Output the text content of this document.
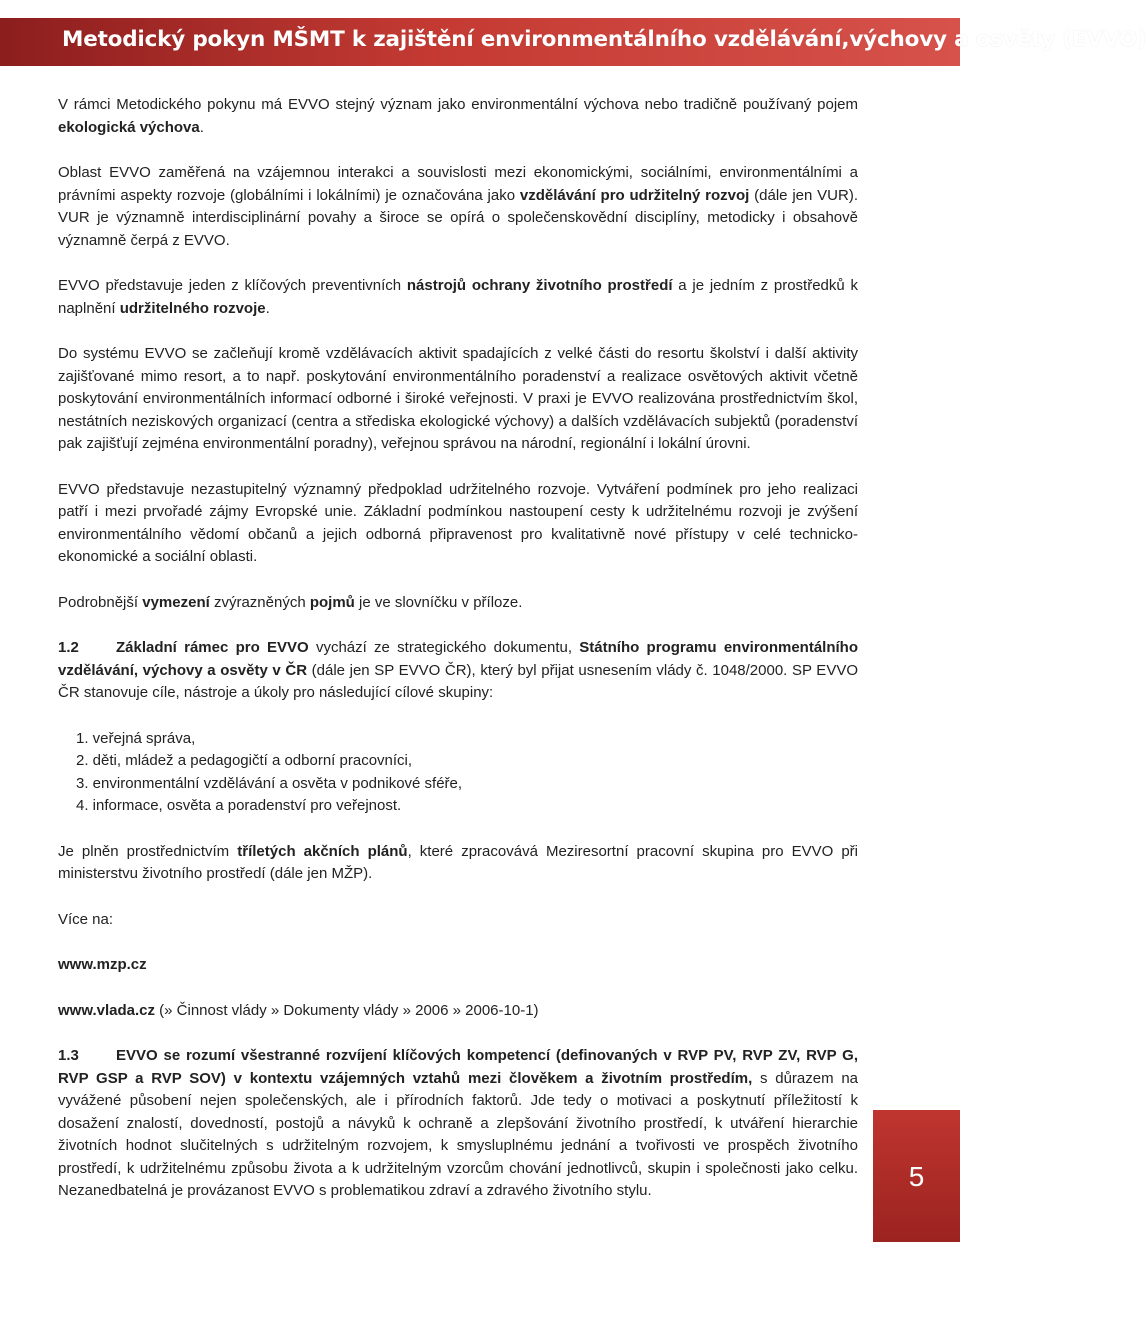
Metodický pokyn MŠMT k zajištění environmentálního vzdělávání,výchovy a osvěty (EVVO)

V rámci Metodického pokynu má EVVO stejný význam jako environmentální výchova nebo tradičně používaný pojem ekologická výchova.

Oblast EVVO zaměřená na vzájemnou interakci a souvislosti mezi ekonomickými, sociálními, environmentálními a právními aspekty rozvoje (globálními i lokálními) je označována jako vzdělávání pro udržitelný rozvoj (dále jen VUR). VUR je významně interdisciplinární povahy a široce se opírá o společenskovědní disciplíny, metodicky i obsahově významně čerpá z EVVO.

EVVO představuje jeden z klíčových preventivních nástrojů ochrany životního prostředí a je jedním z prostředků k naplnění udržitelného rozvoje.

Do systému EVVO se začleňují kromě vzdělávacích aktivit spadajících z velké části do resortu školství i další aktivity zajišťované mimo resort, a to např. poskytování environmentálního poradenství a realizace osvětových aktivit včetně poskytování environmentálních informací odborné i široké veřejnosti. V praxi je EVVO realizována prostřednictvím škol, nestátních neziskových organizací (centra a střediska ekologické výchovy) a dalších vzdělávacích subjektů (poradenství pak zajišťují zejména environmentální poradny), veřejnou správou na národní, regionální i lokální úrovni.

EVVO představuje nezastupitelný významný předpoklad udržitelného rozvoje. Vytváření podmínek pro jeho realizaci patří i mezi prvořadé zájmy Evropské unie. Základní podmínkou nastoupení cesty k udržitelnému rozvoji je zvýšení environmentálního vědomí občanů a jejich odborná připravenost pro kvalitativně nové přístupy v celé technicko-ekonomické a sociální oblasti.

Podrobnější vymezení zvýrazněných pojmů je ve slovníčku v příloze.

1.2 Základní rámec pro EVVO vychází ze strategického dokumentu, Státního programu environmentálního vzdělávání, výchovy a osvěty v ČR (dále jen SP EVVO ČR), který byl přijat usnesením vlády č. 1048/2000. SP EVVO ČR stanovuje cíle, nástroje a úkoly pro následující cílové skupiny:

1. veřejná správa,
2. děti, mládež a pedagogičtí a odborní pracovníci,
3. environmentální vzdělávání a osvěta v podnikové sféře,
4. informace, osvěta a poradenství pro veřejnost.

Je plněn prostřednictvím tříletých akčních plánů, které zpracovává Meziresortní pracovní skupina pro EVVO při ministerstvu životního prostředí (dále jen MŽP).

Více na:

www.mzp.cz

www.vlada.cz (» Činnost vlády » Dokumenty vlády » 2006 » 2006-10-1)

1.3 EVVO se rozumí všestranné rozvíjení klíčových kompetencí (definovaných v RVP PV, RVP ZV, RVP G, RVP GSP a RVP SOV) v kontextu vzájemných vztahů mezi člověkem a životním prostředím, s důrazem na vyvážené působení nejen společenských, ale i přírodních faktorů. Jde tedy o motivaci a poskytnutí příležitostí k dosažení znalostí, dovedností, postojů a návyků k ochraně a zlepšování životního prostředí, k utváření hierarchie životních hodnot slučitelných s udržitelným rozvojem, k smysluplnému jednání a tvořivosti ve prospěch životního prostředí, k udržitelnému způsobu života a k udržitelným vzorcům chování jednotlivců, skupin i společnosti jako celku. Nezanedbatelná je provázanost EVVO s problematikou zdraví a zdravého životního stylu.	5
